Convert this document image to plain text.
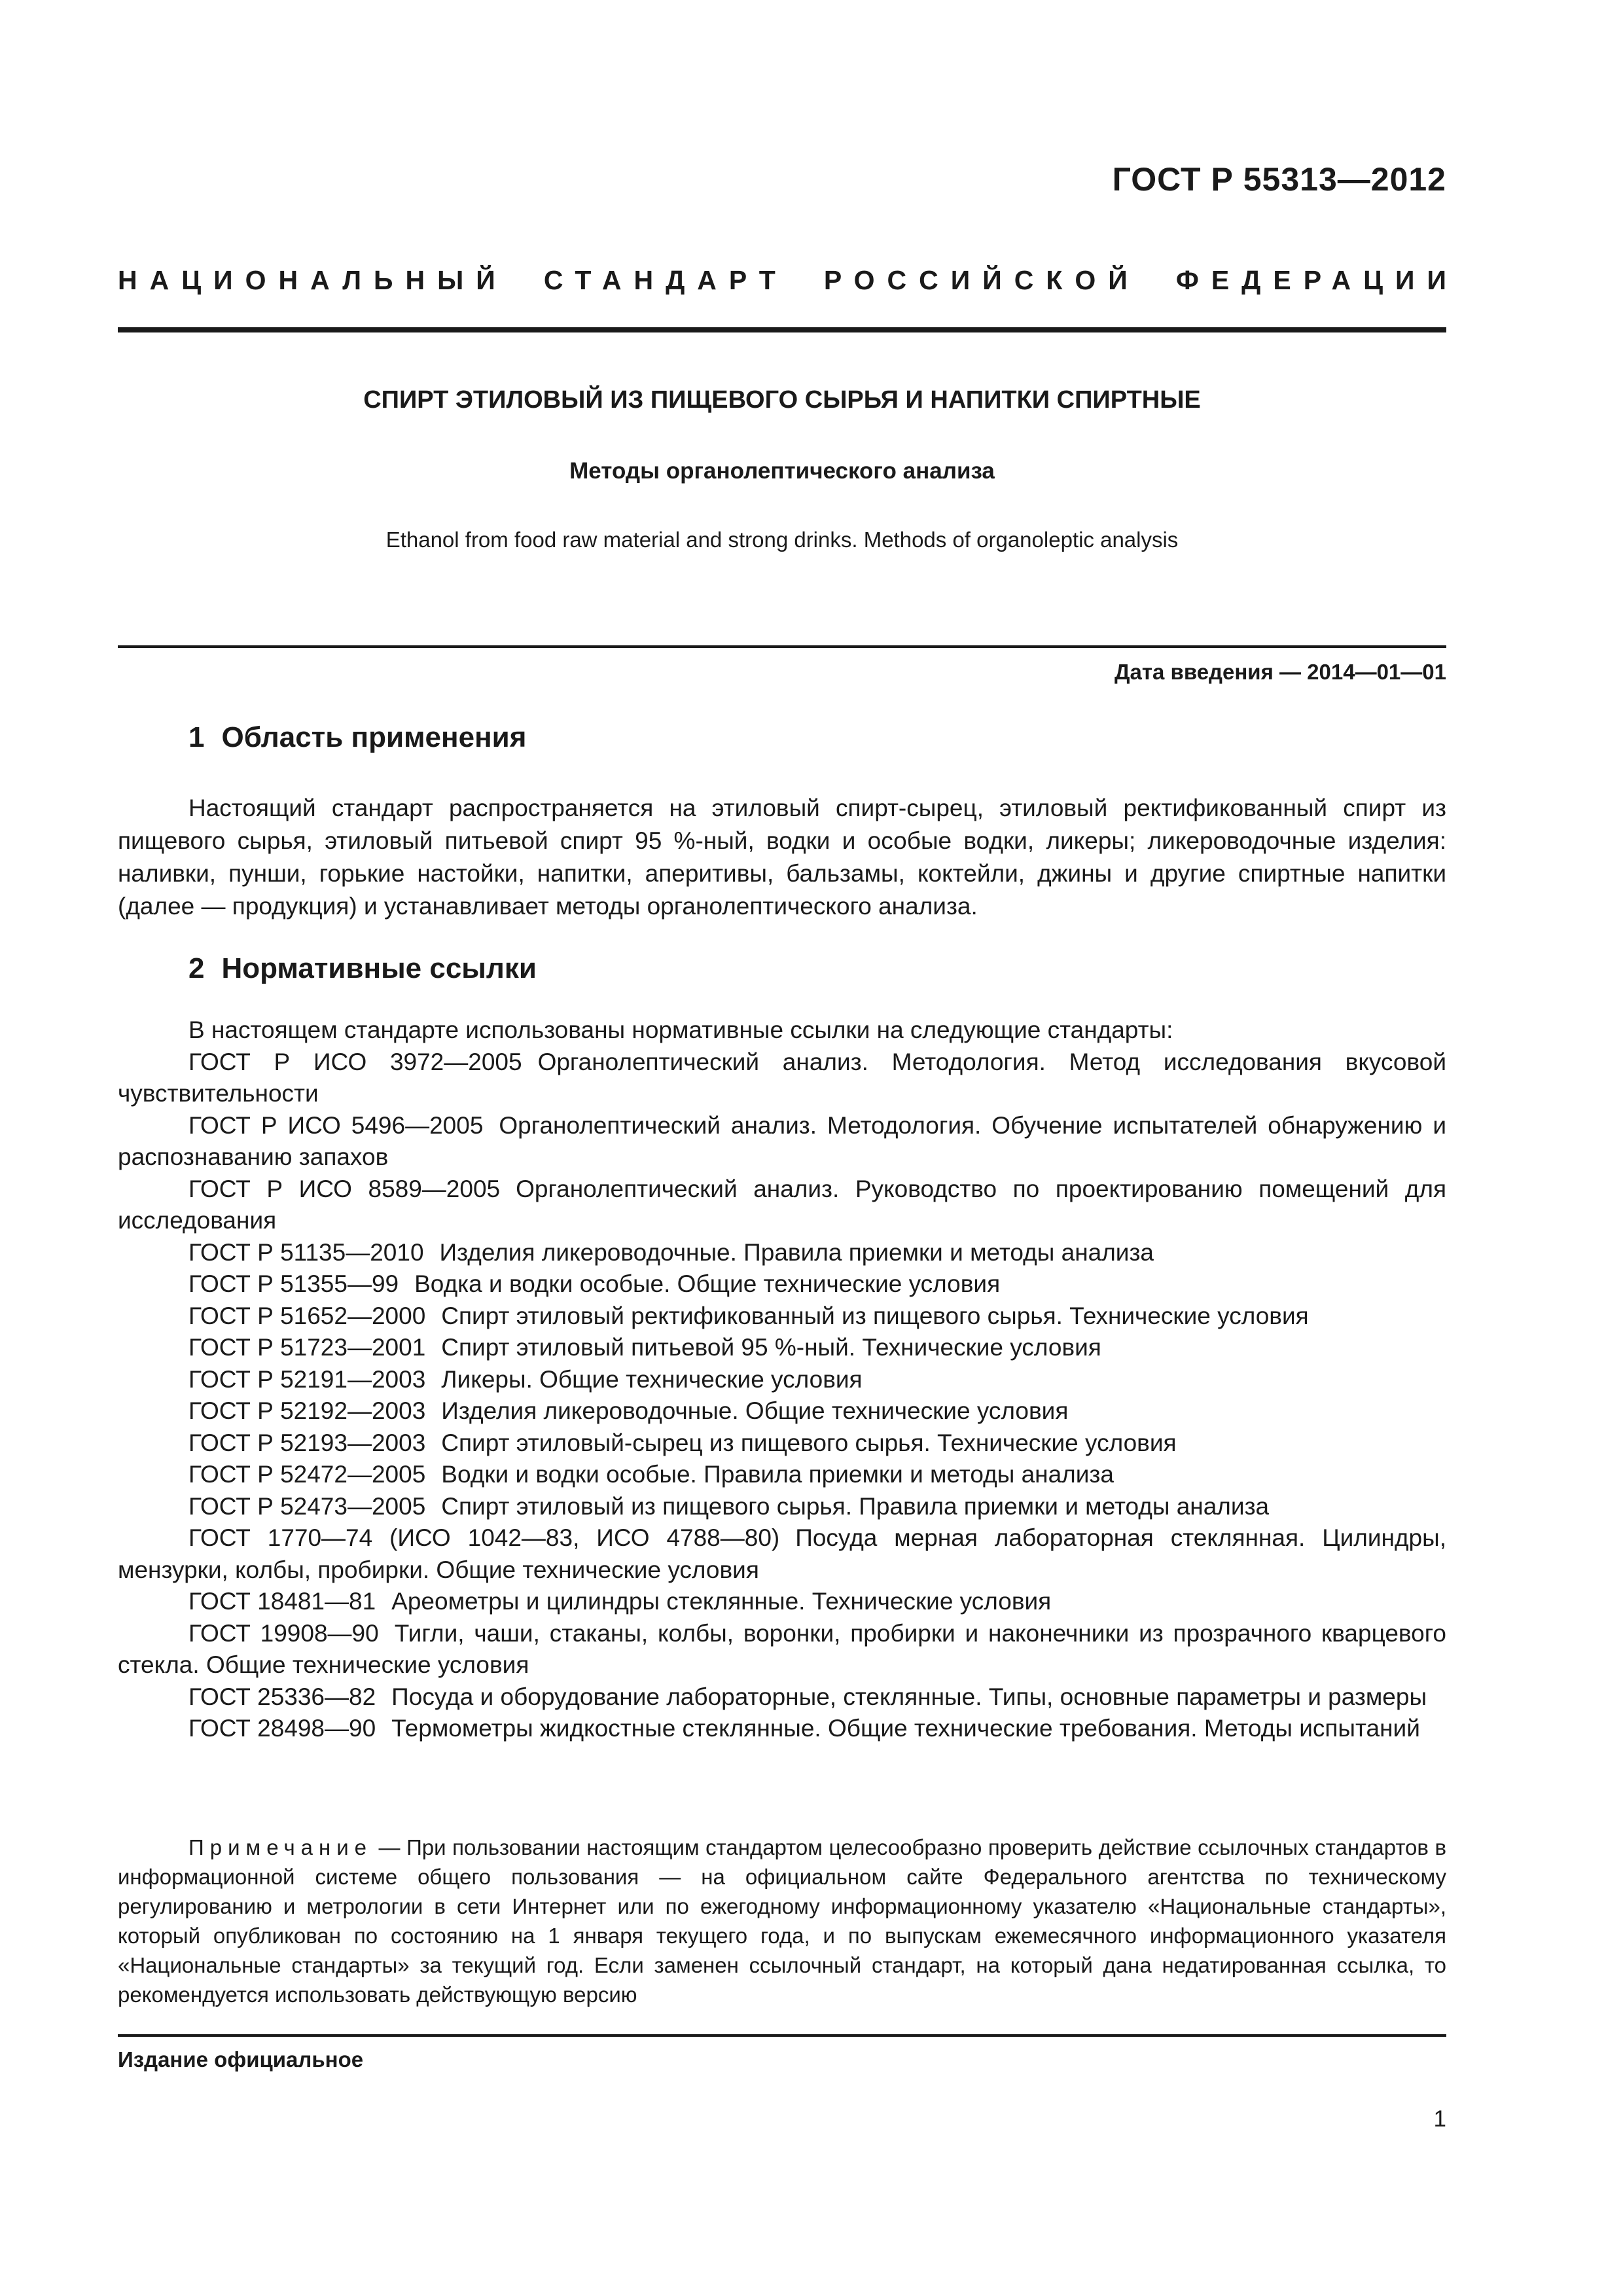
ГОСТ Р 55313—2012
НАЦИОНАЛЬНЫЙ СТАНДАРТ РОССИЙСКОЙ ФЕДЕРАЦИИ
СПИРТ ЭТИЛОВЫЙ ИЗ ПИЩЕВОГО СЫРЬЯ И НАПИТКИ СПИРТНЫЕ
Методы органолептического анализа
Ethanol from food raw material and strong drinks. Methods of organoleptic analysis
Дата введения — 2014—01—01
1 Область применения
Настоящий стандарт распространяется на этиловый спирт-сырец, этиловый ректификованный спирт из пищевого сырья, этиловый питьевой спирт 95 %-ный, водки и особые водки, ликеры; ликероводочные изделия: наливки, пунши, горькие настойки, напитки, аперитивы, бальзамы, коктейли, джины и другие спиртные напитки (далее — продукция) и устанавливает методы органолептического анализа.
2 Нормативные ссылки
В настоящем стандарте использованы нормативные ссылки на следующие стандарты:
ГОСТ Р ИСО 3972—2005 Органолептический анализ. Методология. Метод исследования вкусовой чувствительности
ГОСТ Р ИСО 5496—2005 Органолептический анализ. Методология. Обучение испытателей обнаружению и распознаванию запахов
ГОСТ Р ИСО 8589—2005 Органолептический анализ. Руководство по проектированию помещений для исследования
ГОСТ Р 51135—2010 Изделия ликероводочные. Правила приемки и методы анализа
ГОСТ Р 51355—99 Водка и водки особые. Общие технические условия
ГОСТ Р 51652—2000 Спирт этиловый ректификованный из пищевого сырья. Технические условия
ГОСТ Р 51723—2001 Спирт этиловый питьевой 95 %-ный. Технические условия
ГОСТ Р 52191—2003 Ликеры. Общие технические условия
ГОСТ Р 52192—2003 Изделия ликероводочные. Общие технические условия
ГОСТ Р 52193—2003 Спирт этиловый-сырец из пищевого сырья. Технические условия
ГОСТ Р 52472—2005 Водки и водки особые. Правила приемки и методы анализа
ГОСТ Р 52473—2005 Спирт этиловый из пищевого сырья. Правила приемки и методы анализа
ГОСТ 1770—74 (ИСО 1042—83, ИСО 4788—80) Посуда мерная лабораторная стеклянная. Цилиндры, мензурки, колбы, пробирки. Общие технические условия
ГОСТ 18481—81 Ареометры и цилиндры стеклянные. Технические условия
ГОСТ 19908—90 Тигли, чаши, стаканы, колбы, воронки, пробирки и наконечники из прозрачного кварцевого стекла. Общие технические условия
ГОСТ 25336—82 Посуда и оборудование лабораторные, стеклянные. Типы, основные параметры и размеры
ГОСТ 28498—90 Термометры жидкостные стеклянные. Общие технические требования. Методы испытаний
Примечание — При пользовании настоящим стандартом целесообразно проверить действие ссылочных стандартов в информационной системе общего пользования — на официальном сайте Федерального агентства по техническому регулированию и метрологии в сети Интернет или по ежегодному информационному указателю «Национальные стандарты», который опубликован по состоянию на 1 января текущего года, и по выпускам ежемесячного информационного указателя «Национальные стандарты» за текущий год. Если заменен ссылочный стандарт, на который дана недатированная ссылка, то рекомендуется использовать действующую версию
Издание официальное
1
